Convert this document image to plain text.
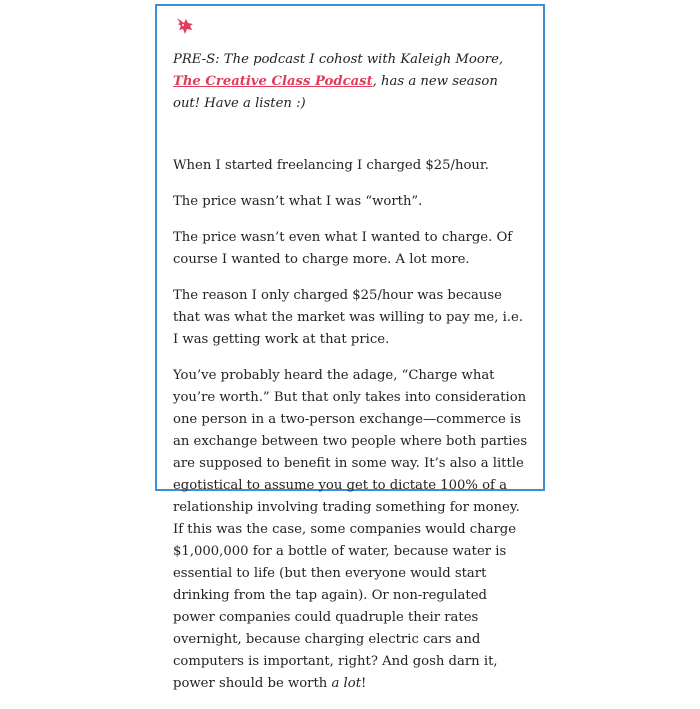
PRE-S: The podcast I cohost with Kaleigh Moore, The Creative Class Podcast, has a new season out! Have a listen :)

When I started freelancing I charged $25/hour.

The price wasn’t what I was “worth”.

The price wasn’t even what I wanted to charge. Of course I wanted to charge more. A lot more.

The reason I only charged $25/hour was because that was what the market was willing to pay me, i.e. I was getting work at that price.

You’ve probably heard the adage, “Charge what you’re worth.” But that only takes into consideration one person in a two-person exchange—commerce is an exchange between two people where both parties are supposed to benefit in some way. It’s also a little egotistical to assume you get to dictate 100% of a relationship involving trading something for money. If this was the case, some companies would charge $1,000,000 for a bottle of water, because water is essential to life (but then everyone would start drinking from the tap again). Or non-regulated power companies could quadruple their rates overnight, because charging electric cars and computers is important, right? And gosh darn it, power should be worth a lot!
